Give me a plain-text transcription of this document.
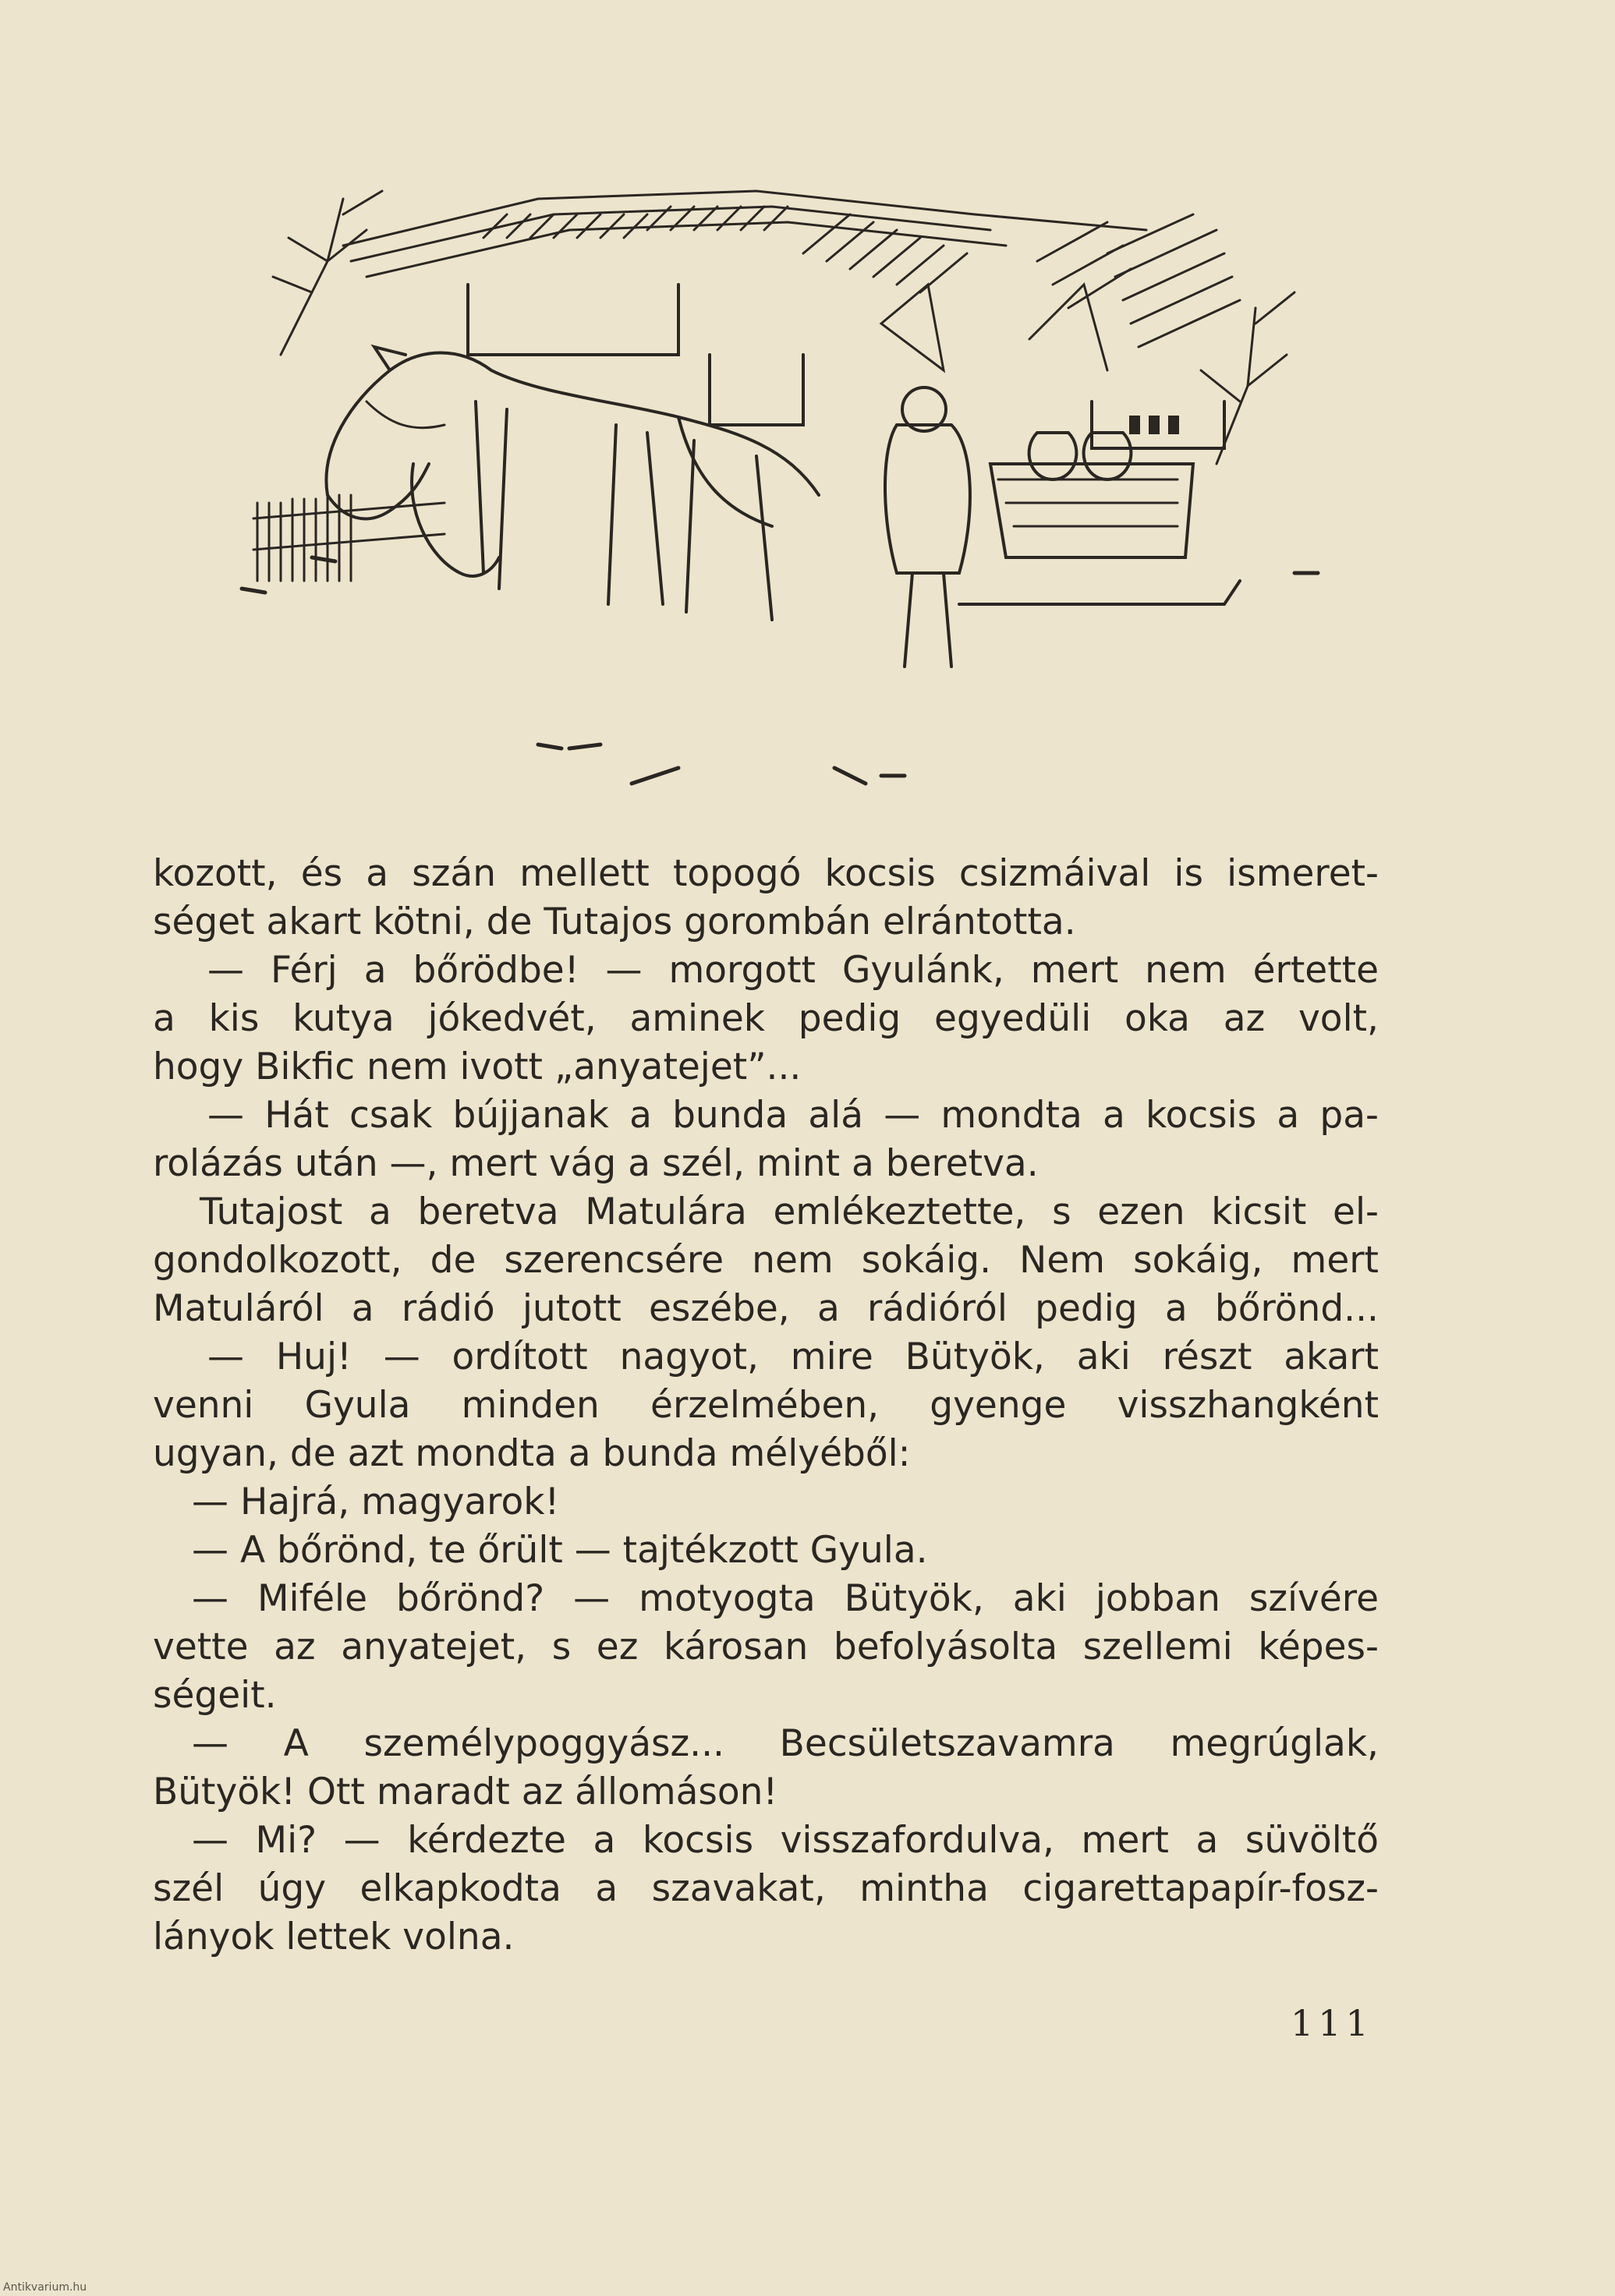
kozott, és a szán mellett topogó kocsis csizmáival is ismeret-
séget akart kötni, de Tutajos gorombán elrántotta.
— Férj a bőrödbe! — morgott Gyulánk, mert nem értette
a kis kutya jókedvét, aminek pedig egyedüli oka az volt,
hogy Bikfic nem ivott „anyatejet”...
— Hát csak bújjanak a bunda alá — mondta a kocsis a pa-
rolázás után —, mert vág a szél, mint a beretva.
Tutajost a beretva Matulára emlékeztette, s ezen kicsit el-
gondolkozott, de szerencsére nem sokáig. Nem sokáig, mert
Matuláról a rádió jutott eszébe, a rádióról pedig a bőrönd...
— Huj! — ordított nagyot, mire Bütyök, aki részt akart
venni Gyula minden érzelmében, gyenge visszhangként
ugyan, de azt mondta a bunda mélyéből:
— Hajrá, magyarok!
— A bőrönd, te őrült — tajtékzott Gyula.
— Miféle bőrönd? — motyogta Bütyök, aki jobban szívére
vette az anyatejet, s ez károsan befolyásolta szellemi képes-
ségeit.
— A személypoggyász... Becsületszavamra megrúglak,
Bütyök! Ott maradt az állomáson!
— Mi? — kérdezte a kocsis visszafordulva, mert a süvöltő
szél úgy elkapkodta a szavakat, mintha cigarettapapír-fosz-
lányok lettek volna.
111
Antikvarium.hu
